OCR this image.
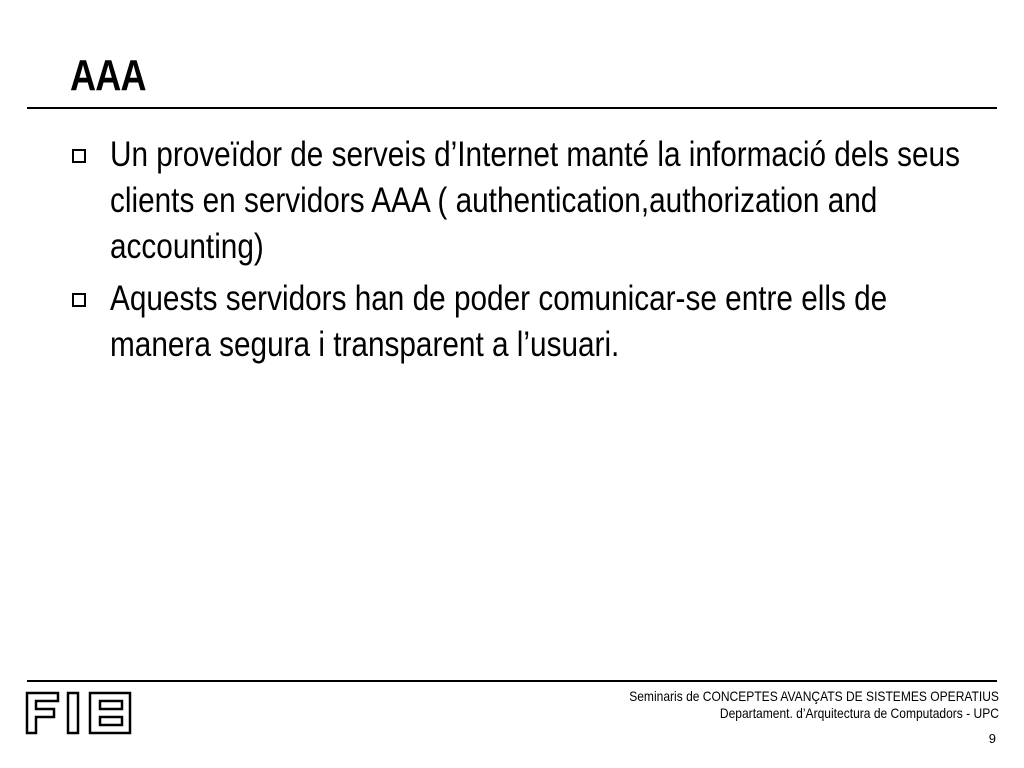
AAA
Un proveïdor de serveis d’Internet manté la informació dels seus clients en servidors AAA ( authentication,authorization and accounting)
Aquests servidors han de poder comunicar-se entre ells de manera segura i transparent a l’usuari.
Seminaris de CONCEPTES AVANÇATS DE SISTEMES OPERATIUS
Departament. d’Arquitectura de Computadors - UPC
9
